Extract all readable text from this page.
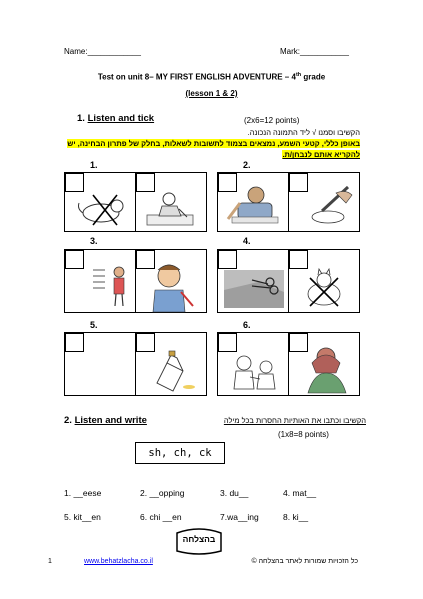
Name:____________	Mark:___________
Test on unit 8– MY FIRST ENGLISH ADVENTURE – 4th grade
(lesson 1 & 2)
1. Listen and tick	(2x6=12 points)
הקשיבו וסמנו √ ליד התמונה הנכונה.
באופן כללי, קטעי השמע, נמצאים בצמוד לתשובות לשאלות, בחלק של פתרון הבחינה, יש
להקריא אותם לנבחן/ת.
1.	2.
3.	4.
5.	6.
2. Listen and write	הקשיבו וכתבו את האותיות החסרות בכל מילה
(1x8=8 points)
sh, ch, ck
1. __eese	2. __opping	3. du__	4. mat__
5. kit__en	6. chi __en	7.wa__ing	8. ki__
בהצלחה
1	www.behatzlacha.co.il	כל הזכויות שמורות לאתר בהצלחה ©
